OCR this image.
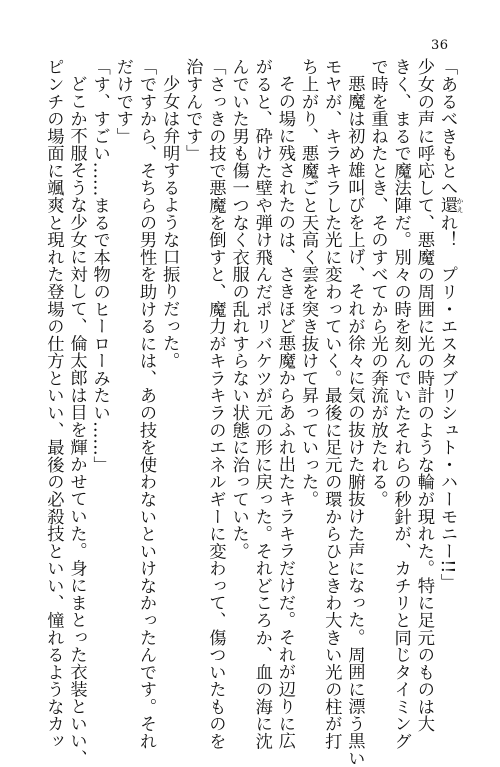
36
「あるべきもとへ還 かえれ！　プリ・エスタブリシュト・ハーモニー!!」
少女の声に呼応して、悪魔の周囲に光の時計のような輪が現れた。特に足元のものは大
きく、まるで魔法陣だ。別々の時を刻んでいたそれらの秒針が、カチリと同じタイミング
で時を重ねたとき、そのすべてから光の奔流が放たれる。
悪魔は初め雄叫びを上げ、それが徐々に気の抜けた腑抜けた声になった。周囲に漂う黒い
モヤが、キラキラした光に変わっていく。最後に足元の環からひときわ大きい光の柱が打
ち上がり、悪魔ごと天高く雲を突き抜けて昇っていった。
その場に残されたのは、さきほど悪魔からあふれ出たキラキラだけだ。それが辺りに広
がると、砕けた壁や弾け飛んだポリバケツが元の形に戻った。それどころか、血の海に沈
んでいた男も傷一つなく衣服の乱れすらない状態に治っていた。
「さっきの技で悪魔を倒すと、魔力がキラキラのエネルギーに変わって、傷ついたものを
治すんです」
少女は弁明するような口振りだった。
「ですから、そちらの男性を助けるには、あの技を使わないといけなかったんです。それ
だけです」
「す、すごい……まるで本物のヒーローみたい……」
どこか不服そうな少女に対して、倫太郎は目を輝かせていた。身にまとった衣装といい、
ピンチの場面に颯爽と現れた登場の仕方といい、最後の必殺技といい、憧れるようなカッ
